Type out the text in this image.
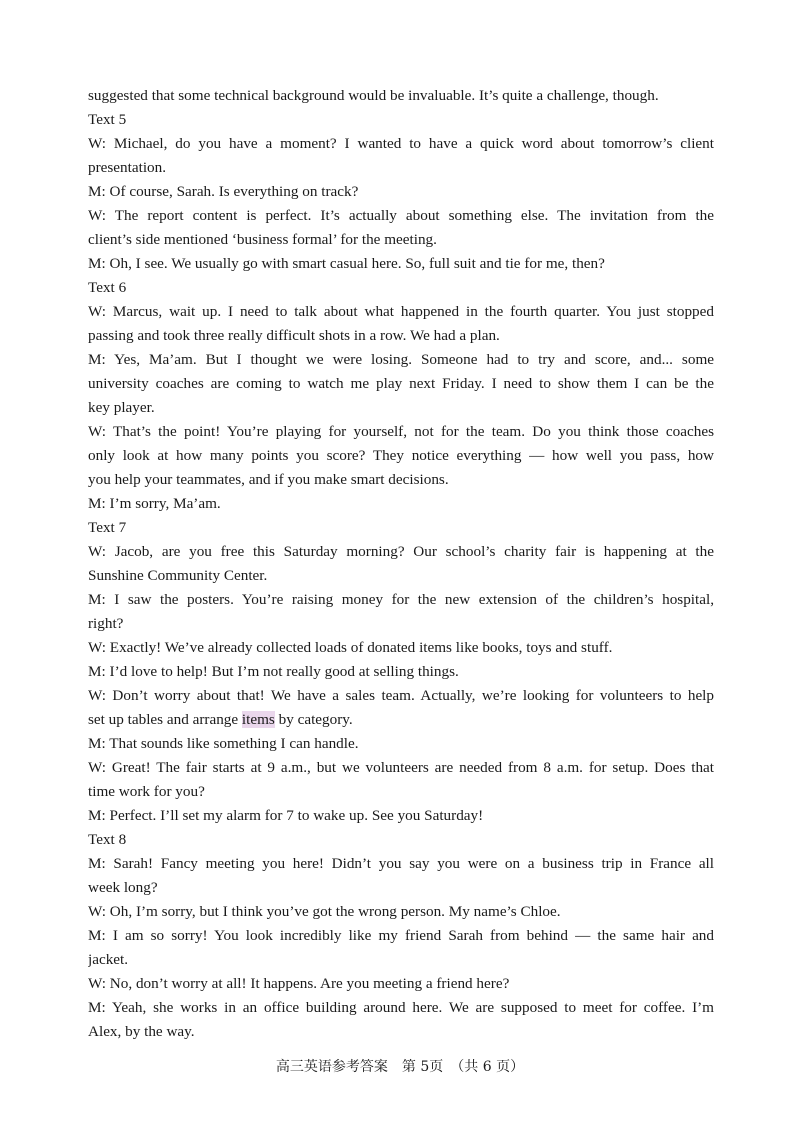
suggested that some technical background would be invaluable. It’s quite a challenge, though.
Text 5
W: Michael, do you have a moment? I wanted to have a quick word about tomorrow’s client
presentation.
M: Of course, Sarah. Is everything on track?
W: The report content is perfect. It’s actually about something else. The invitation from the
client’s side mentioned ‘business formal’ for the meeting.
M: Oh, I see. We usually go with smart casual here. So, full suit and tie for me, then?
Text 6
W: Marcus, wait up. I need to talk about what happened in the fourth quarter. You just stopped
passing and took three really difficult shots in a row. We had a plan.
M: Yes, Ma’am. But I thought we were losing. Someone had to try and score, and... some
university coaches are coming to watch me play next Friday. I need to show them I can be the
key player.
W: That’s the point! You’re playing for yourself, not for the team. Do you think those coaches
only look at how many points you score? They notice everything — how well you pass, how
you help your teammates, and if you make smart decisions.
M: I’m sorry, Ma’am.
Text 7
W: Jacob, are you free this Saturday morning? Our school’s charity fair is happening at the
Sunshine Community Center.
M: I saw the posters. You’re raising money for the new extension of the children’s hospital,
right?
W: Exactly! We’ve already collected loads of donated items like books, toys and stuff.
M: I’d love to help! But I’m not really good at selling things.
W: Don’t worry about that! We have a sales team. Actually, we’re looking for volunteers to help
set up tables and arrange items by category.
M: That sounds like something I can handle.
W: Great! The fair starts at 9 a.m., but we volunteers are needed from 8 a.m. for setup. Does that
time work for you?
M: Perfect. I’ll set my alarm for 7 to wake up. See you Saturday!
Text 8
M: Sarah! Fancy meeting you here! Didn’t you say you were on a business trip in France all
week long?
W: Oh, I’m sorry, but I think you’ve got the wrong person. My name’s Chloe.
M: I am so sorry! You look incredibly like my friend Sarah from behind — the same hair and
jacket.
W: No, don’t worry at all! It happens. Are you meeting a friend here?
M: Yeah, she works in an office building around here. We are supposed to meet for coffee. I’m
Alex, by the way.
高三英语参考答案　第 5页　（共 6 页）
